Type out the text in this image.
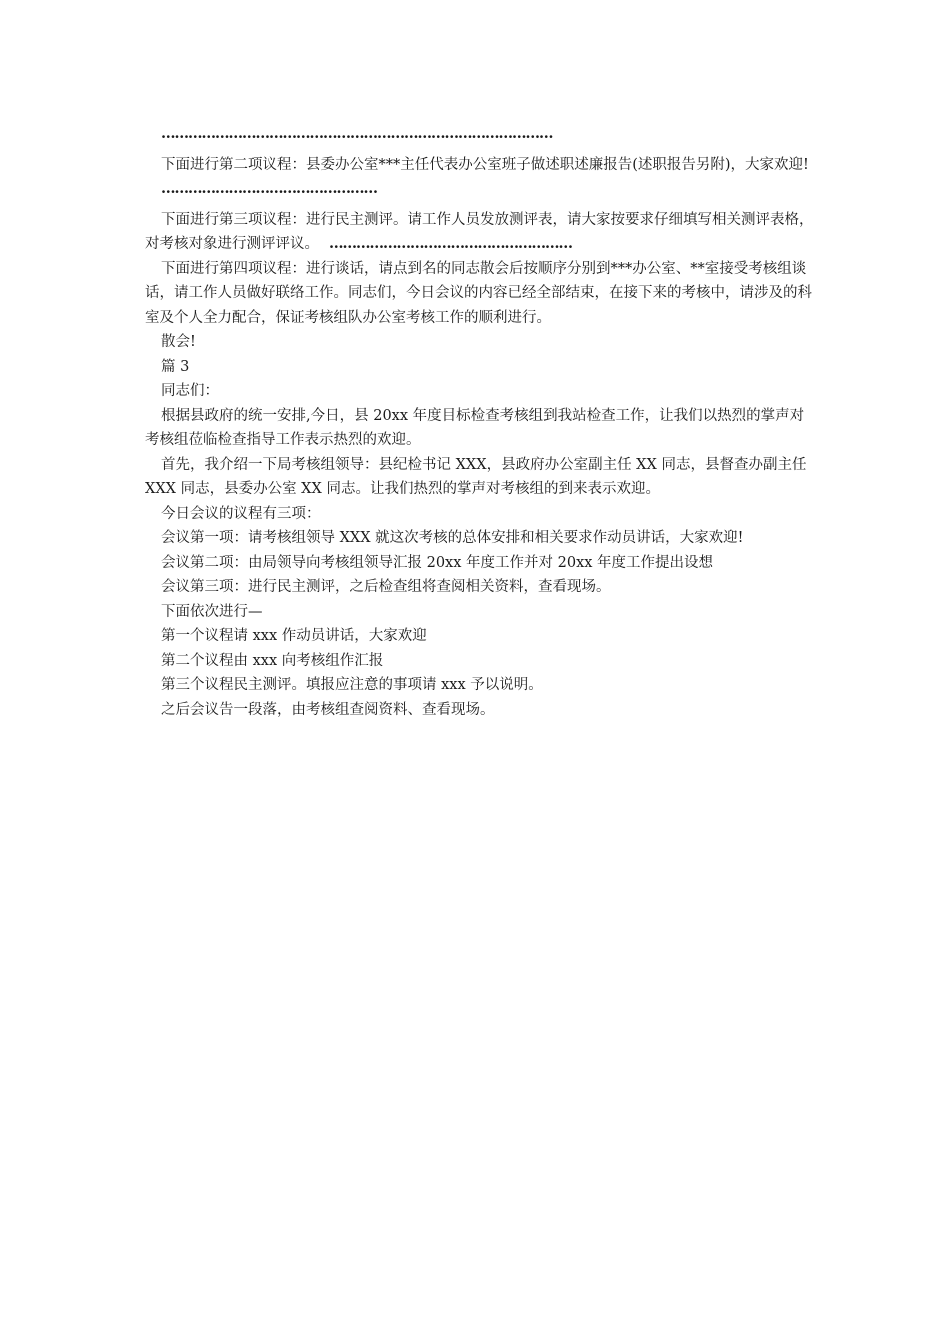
……………………………………………………………………………

下面进行第二项议程：县委办公室***主任代表办公室班子做述职述廉报告(述职报告另附)，大家欢迎!

…………………………………………

下面进行第三项议程：进行民主测评。请工作人员发放测评表，请大家按要求仔细填写相关测评表格，对考核对象进行测评评议。 ………………………………………………

下面进行第四项议程：进行谈话，请点到名的同志散会后按顺序分别到***办公室、**室接受考核组谈话，请工作人员做好联络工作。同志们，今日会议的内容已经全部结束，在接下来的考核中，请涉及的科室及个人全力配合，保证考核组队办公室考核工作的顺利进行。

散会!

篇 3

同志们：

根据县政府的统一安排,今日，县 20xx 年度目标检查考核组到我站检查工作，让我们以热烈的掌声对考核组莅临检查指导工作表示热烈的欢迎。

首先，我介绍一下局考核组领导：县纪检书记 XXX，县政府办公室副主任 XX 同志，县督查办副主任 XXX 同志，县委办公室 XX 同志。让我们热烈的掌声对考核组的到来表示欢迎。

今日会议的议程有三项：

会议第一项：请考核组领导 XXX 就这次考核的总体安排和相关要求作动员讲话，大家欢迎!

会议第二项：由局领导向考核组领导汇报 20xx 年度工作并对 20xx 年度工作提出设想

会议第三项：进行民主测评，之后检查组将查阅相关资料，查看现场。

下面依次进行—

第一个议程请 xxx 作动员讲话，大家欢迎

第二个议程由 xxx 向考核组作汇报

第三个议程民主测评。填报应注意的事项请 xxx 予以说明。

之后会议告一段落，由考核组查阅资料、查看现场。
